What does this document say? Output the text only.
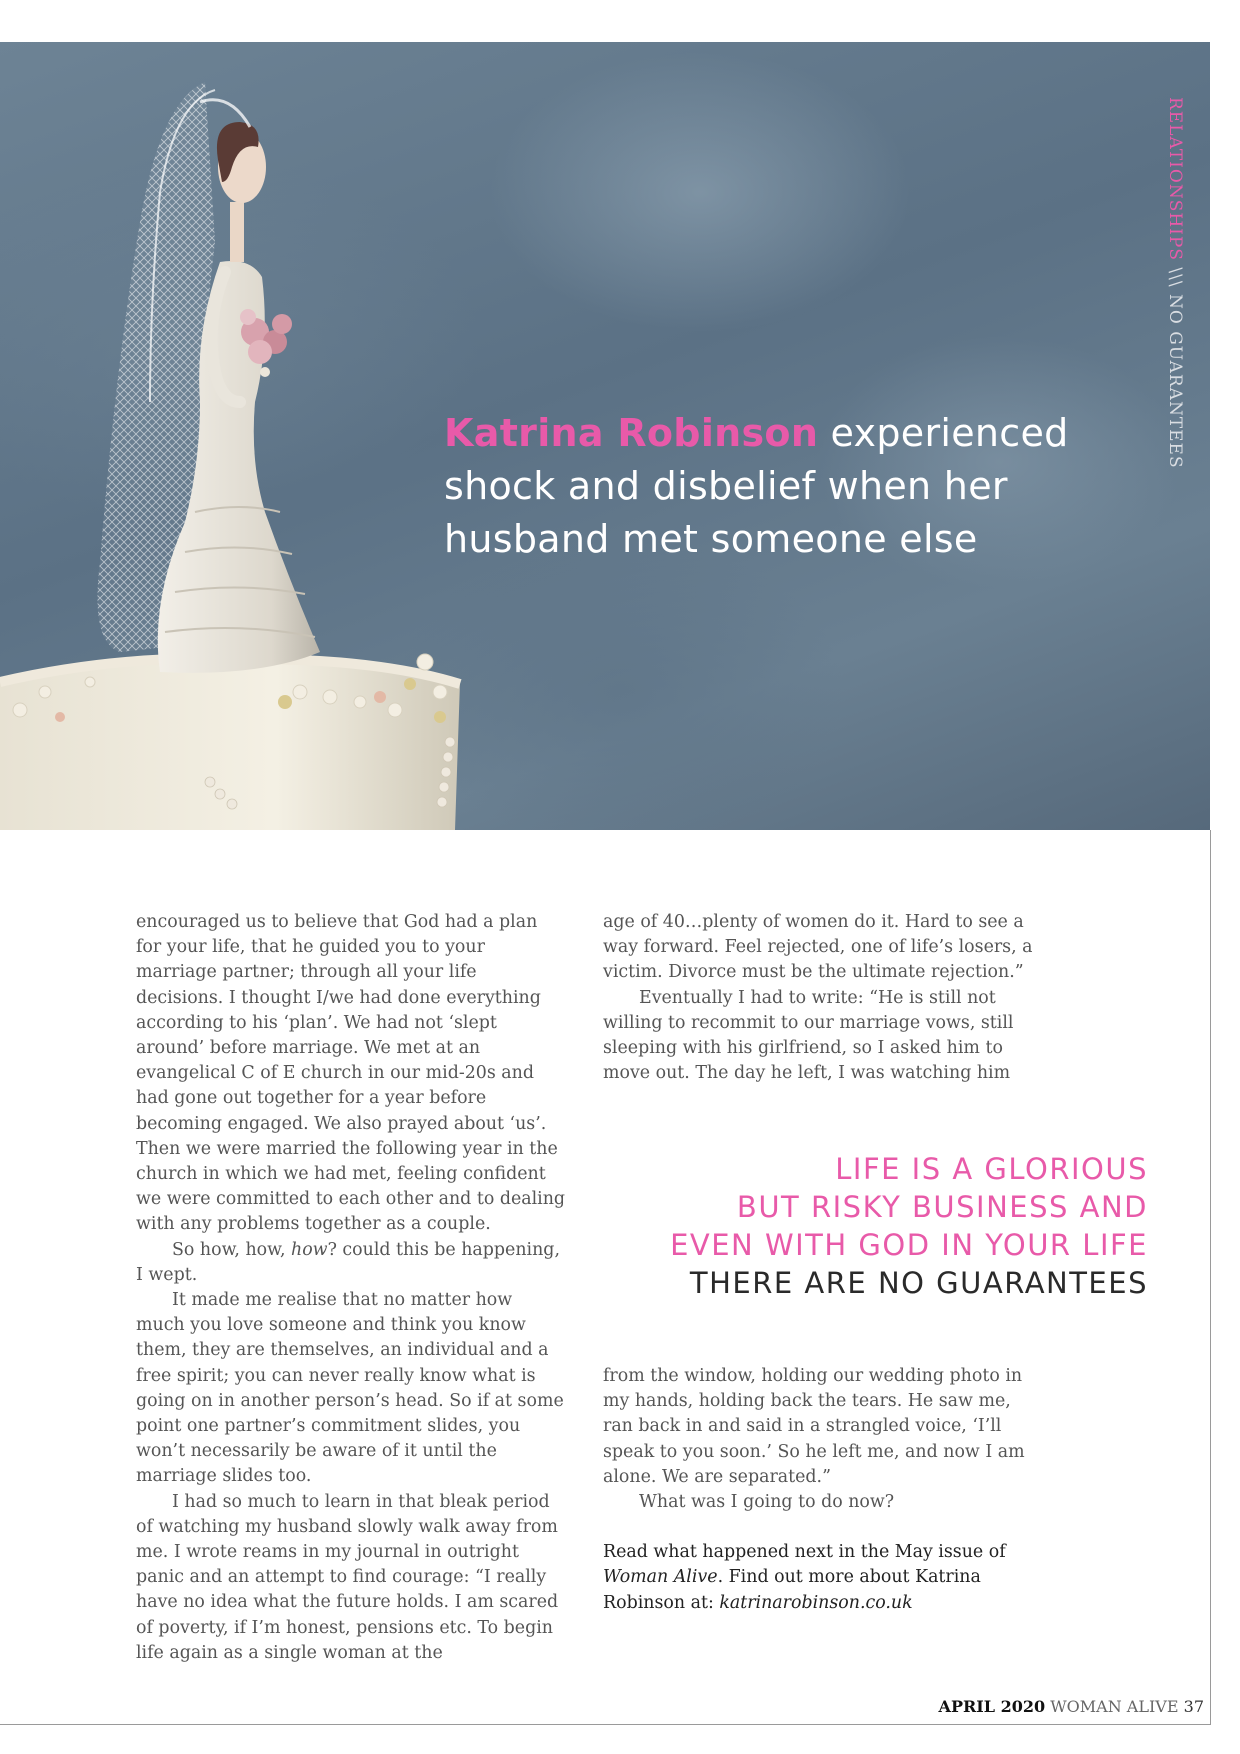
Katrina Robinson experienced shock and disbelief when her husband met someone else
RELATIONSHIPS \\\ NO GUARANTEES

encouraged us to believe that God had a plan for your life, that he guided you to your marriage partner; through all your life decisions. I thought I/we had done everything according to his ‘plan’. We had not ‘slept around’ before marriage. We met at an evangelical C of E church in our mid-20s and had gone out together for a year before becoming engaged. We also prayed about ‘us’. Then we were married the following year in the church in which we had met, feeling confident we were committed to each other and to dealing with any problems together as a couple.

So how, how, how? could this be happening, I wept.

It made me realise that no matter how much you love someone and think you know them, they are themselves, an individual and a free spirit; you can never really know what is going on in another person’s head. So if at some point one partner’s commitment slides, you won’t necessarily be aware of it until the marriage slides too.

I had so much to learn in that bleak period of watching my husband slowly walk away from me. I wrote reams in my journal in outright panic and an attempt to find courage: “I really have no idea what the future holds. I am scared of poverty, if I’m honest, pensions etc. To begin life again as a single woman at the

age of 40…plenty of women do it. Hard to see a way forward. Feel rejected, one of life’s losers, a victim. Divorce must be the ultimate rejection.”

Eventually I had to write: “He is still not willing to recommit to our marriage vows, still sleeping with his girlfriend, so I asked him to move out. The day he left, I was watching him

LIFE IS A GLORIOUS
BUT RISKY BUSINESS AND
EVEN WITH GOD IN YOUR LIFE
THERE ARE NO GUARANTEES

from the window, holding our wedding photo in my hands, holding back the tears. He saw me, ran back in and said in a strangled voice, ‘I’ll speak to you soon.’ So he left me, and now I am alone. We are separated.”

What was I going to do now?

Read what happened next in the May issue of Woman Alive. Find out more about Katrina Robinson at: katrinarobinson.co.uk

APRIL 2020 WOMAN ALIVE 37
